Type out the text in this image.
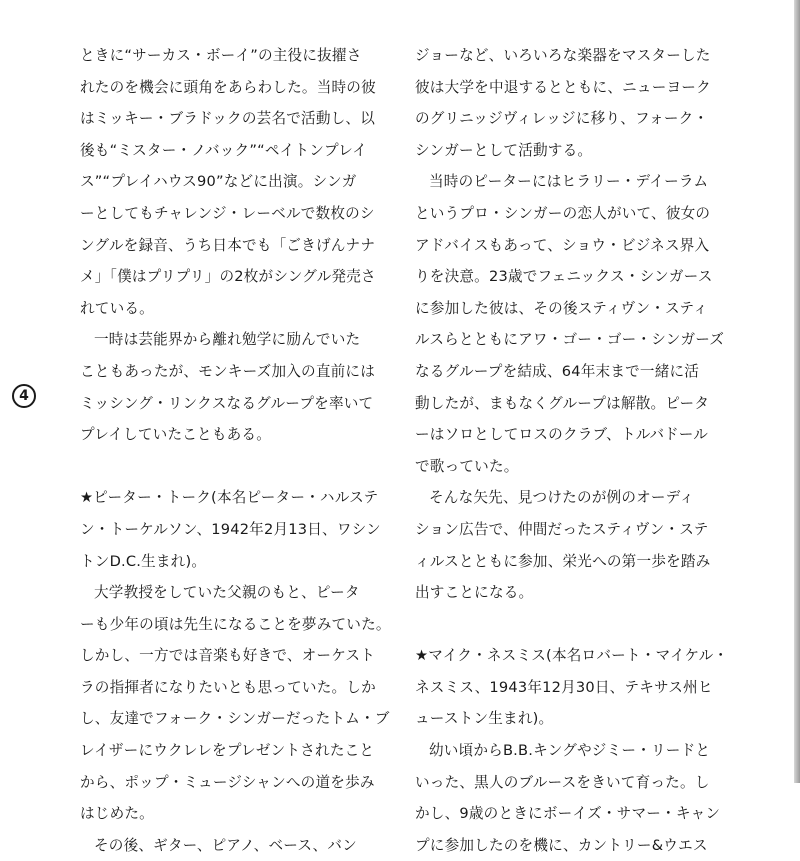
4
ときに“サーカス・ボーイ”の主役に抜擢さ
れたのを機会に頭角をあらわした。当時の彼
はミッキー・ブラドックの芸名で活動し、以
後も“ミスター・ノバック”“ペイトンプレイ
ス”“プレイハウス90”などに出演。シンガ
ーとしてもチャレンジ・レーベルで数枚のシ
ングルを録音、うち日本でも「ごきげんナナ
メ」「僕はプリプリ」の2枚がシングル発売さ
れている。
一時は芸能界から離れ勉学に励んでいた
こともあったが、モンキーズ加入の直前には
ミッシング・リンクスなるグループを率いて
プレイしていたこともある。
★ピーター・トーク(本名ピーター・ハルステ
ン・トーケルソン、1942年2月13日、ワシン
トンD.C.生まれ)。
大学教授をしていた父親のもと、ピータ
ーも少年の頃は先生になることを夢みていた。
しかし、一方では音楽も好きで、オーケスト
ラの指揮者になりたいとも思っていた。しか
し、友達でフォーク・シンガーだったトム・ブ
レイザーにウクレレをプレゼントされたこと
から、ポップ・ミュージシャンへの道を歩み
はじめた。
その後、ギター、ピアノ、ベース、バン
ジョーなど、いろいろな楽器をマスターした
彼は大学を中退するとともに、ニューヨーク
のグリニッジヴィレッジに移り、フォーク・
シンガーとして活動する。
当時のピーターにはヒラリー・デイーラム
というプロ・シンガーの恋人がいて、彼女の
アドバイスもあって、ショウ・ビジネス界入
りを決意。23歳でフェニックス・シンガース
に参加した彼は、その後スティヴン・スティ
ルスらとともにアワ・ゴー・ゴー・シンガーズ
なるグループを結成、64年末まで一緒に活
動したが、まもなくグループは解散。ピータ
ーはソロとしてロスのクラブ、トルバドール
で歌っていた。
そんな矢先、見つけたのが例のオーディ
ション広告で、仲間だったスティヴン・ステ
ィルスとともに参加、栄光への第一歩を踏み
出すことになる。
★マイク・ネスミス(本名ロバート・マイケル・
ネスミス、1943年12月30日、テキサス州ヒ
ューストン生まれ)。
幼い頃からB.B.キングやジミー・リードと
いった、黒人のブルースをきいて育った。し
かし、9歳のときにボーイズ・サマー・キャン
プに参加したのを機に、カントリー&ウエス
